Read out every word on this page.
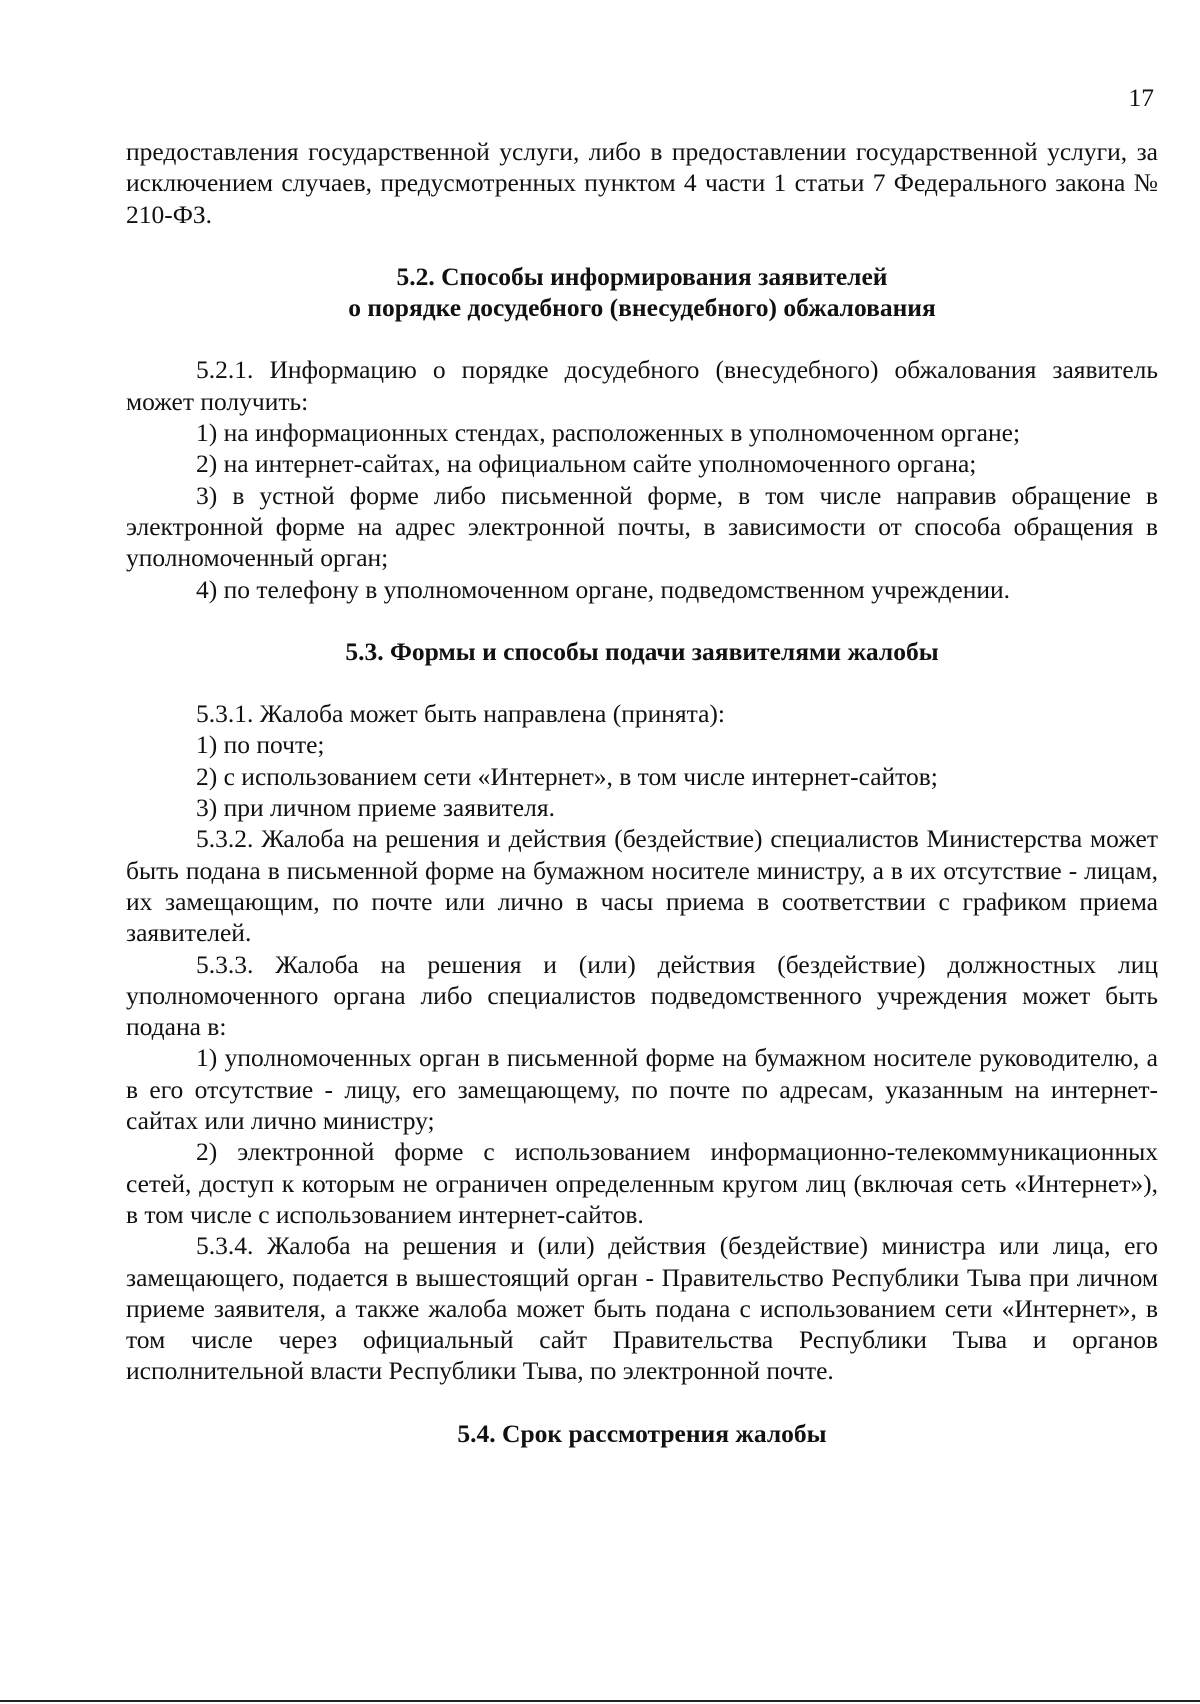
17

предоставления государственной услуги, либо в предоставлении государственной услуги, за исключением случаев, предусмотренных пунктом 4 части 1 статьи 7 Федерального закона № 210-ФЗ.

5.2. Способы информирования заявителей
о порядке досудебного (внесудебного) обжалования

5.2.1. Информацию о порядке досудебного (внесудебного) обжалования заявитель может получить:

1) на информационных стендах, расположенных в уполномоченном органе;

2) на интернет-сайтах, на официальном сайте уполномоченного органа;

3) в устной форме либо письменной форме, в том числе направив обращение в электронной форме на адрес электронной почты, в зависимости от способа обращения в уполномоченный орган;

4) по телефону в уполномоченном органе, подведомственном учреждении.

5.3. Формы и способы подачи заявителями жалобы

5.3.1. Жалоба может быть направлена (принята):

1) по почте;

2) с использованием сети «Интернет», в том числе интернет-сайтов;

3) при личном приеме заявителя.

5.3.2. Жалоба на решения и действия (бездействие) специалистов Министерства может быть подана в письменной форме на бумажном носителе министру, а в их отсутствие - лицам, их замещающим, по почте или лично в часы приема в соответствии с графиком приема заявителей.

5.3.3. Жалоба на решения и (или) действия (бездействие) должностных лиц уполномоченного органа либо специалистов подведомственного учреждения может быть подана в:

1) уполномоченных орган в письменной форме на бумажном носителе руководителю, а в его отсутствие - лицу, его замещающему, по почте по адресам, указанным на интернет-сайтах или лично министру;

2) электронной форме с использованием информационно-телекоммуникационных сетей, доступ к которым не ограничен определенным кругом лиц (включая сеть «Интернет»), в том числе с использованием интернет-сайтов.

5.3.4. Жалоба на решения и (или) действия (бездействие) министра или лица, его замещающего, подается в вышестоящий орган - Правительство Республики Тыва при личном приеме заявителя, а также жалоба может быть подана с использованием сети «Интернет», в том числе через официальный сайт Правительства Республики Тыва и органов исполнительной власти Республики Тыва, по электронной почте.

5.4. Срок рассмотрения жалобы
